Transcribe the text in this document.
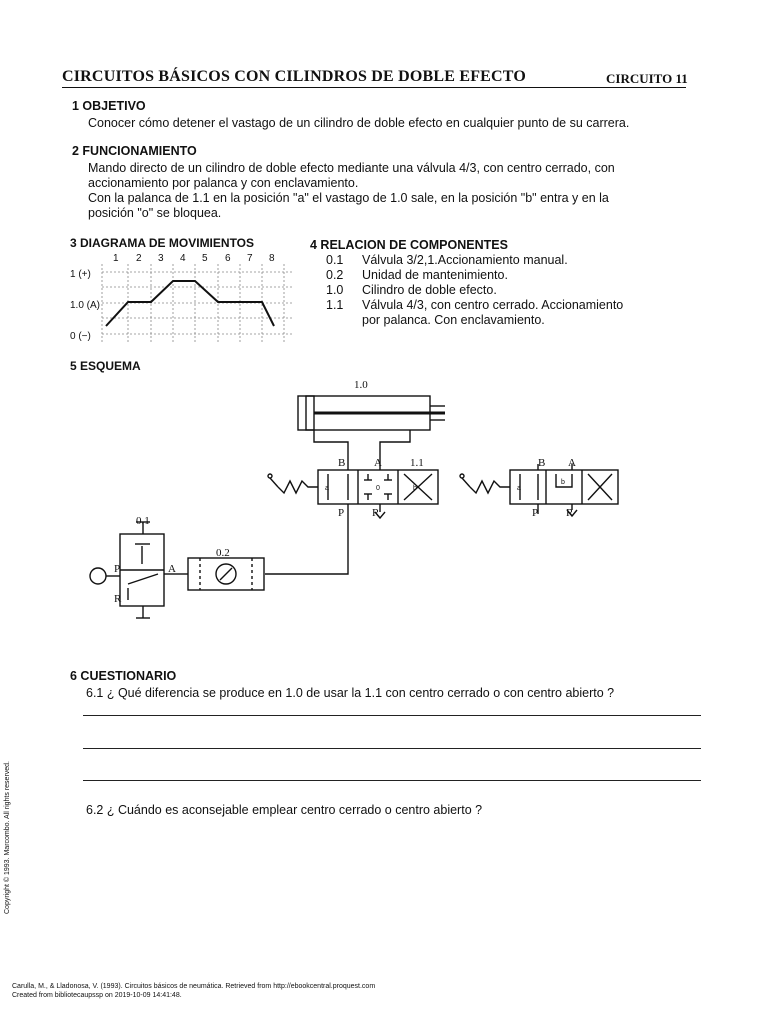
CIRCUITOS BÁSICOS CON CILINDROS DE DOBLE EFECTO	CIRCUITO 11
1 OBJETIVO
Conocer cómo detener el vastago de un cilindro de doble efecto en cualquier punto de su carrera.
2 FUNCIONAMIENTO
Mando directo de un cilindro de doble efecto mediante una válvula 4/3, con centro cerrado, con
accionamiento por palanca y con enclavamiento.
Con la palanca de 1.1 en la posición "a" el vastago de 1.0 sale, en la posición "b" entra y en la
posición "o" se bloquea.
3 DIAGRAMA DE MOVIMIENTOS
1 2 3 4 5 6 7 8
1 (+)
1.0 (A)
0 (−)
4 RELACION DE COMPONENTES
0.1 Válvula 3/2,1.Accionamiento manual.
0.2 Unidad de mantenimiento.
1.0 Cilindro de doble efecto.
1.1 Válvula 4/3, con centro cerrado. Accionamiento
por palanca. Con enclavamiento.
5 ESQUEMA
1.0
B	A	1.1
P	R
B A
P	R
0.1
0.2
P	A
R
a	0	b	a
b
6 CUESTIONARIO
6.1 ¿ Qué diferencia se produce en 1.0 de usar la 1.1 con centro cerrado o con centro abierto ?
6.2 ¿ Cuándo es aconsejable emplear centro cerrado o centro abierto ?
Copyright © 1993. Marcombo. All rights reserved.
Carulla, M., & Lladonosa, V. (1993). Circuitos básicos de neumática. Retrieved from http://ebookcentral.proquest.com
Created from bibliotecaupssp on 2019-10-09 14:41:48.
